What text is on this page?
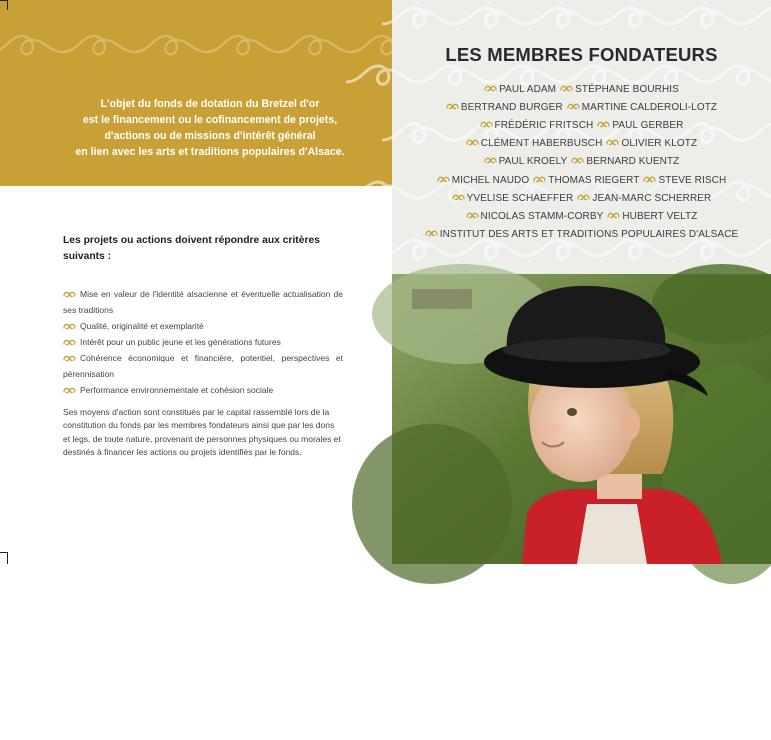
L'objet du fonds de dotation du Bretzel d'or
est le financement ou le cofinancement de projets,
d'actions ou de missions d'intérêt général
en lien avec les arts et traditions populaires d'Alsace.
Les projets ou actions doivent répondre aux critères suivants :
Mise en valeur de l'identité alsacienne et éventuelle actualisation de ses traditions
Qualité, originalité et exemplarité
Intérêt pour un public jeune et les générations futures
Cohérence économique et financière, potentiel, perspectives et pérennisation
Performance environnementale et cohésion sociale
Ses moyens d'action sont constitués par le capital rassemblé lors de la constitution du fonds par les membres fondateurs ainsi que par les dons et legs, de toute nature, provenant de personnes physiques ou morales et destinés à financer les actions ou projets identifiés par le fonds.
LES MEMBRES FONDATEURS
PAUL ADAM STÉPHANE BOURHIS
BERTRAND BURGER MARTINE CALDEROLI-LOTZ
FRÉDÉRIC FRITSCH PAUL GERBER
CLÉMENT HABERBUSCH OLIVIER KLOTZ
PAUL KROELY BERNARD KUENTZ
MICHEL NAUDO THOMAS RIEGERT STEVE RISCH
YVELISE SCHAEFFER JEAN-MARC SCHERRER
NICOLAS STAMM-CORBY HUBERT VELTZ
INSTITUT DES ARTS ET TRADITIONS POPULAIRES D'ALSACE
Photo Marie Brannebau
